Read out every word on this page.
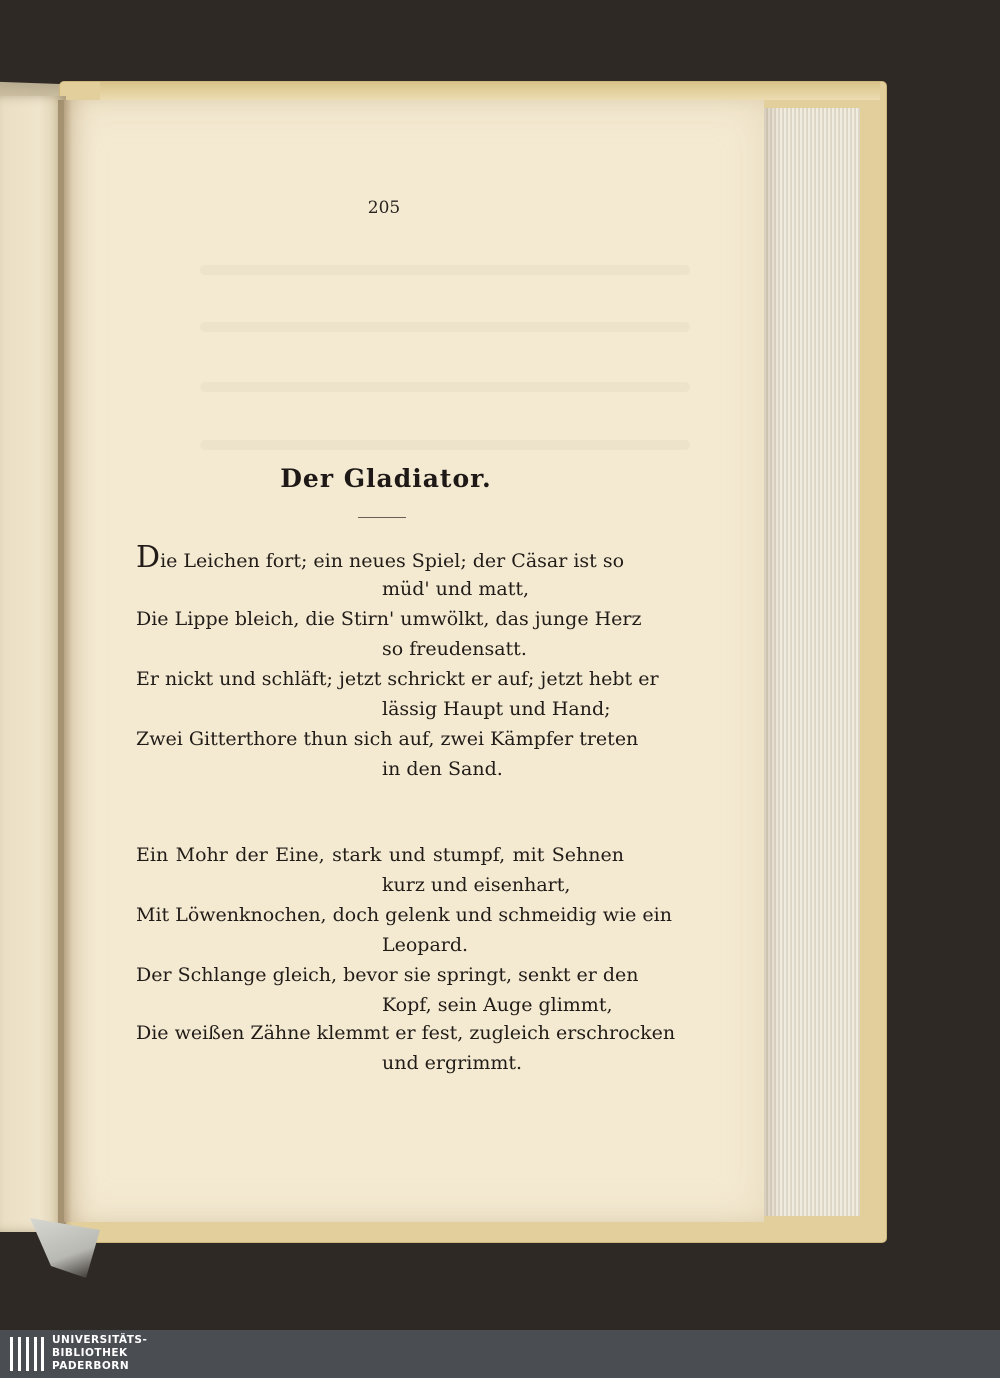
205
Der Gladiator.
Die Leichen fort; ein neues Spiel; der Cäsar ist so
müd' und matt,
Die Lippe bleich, die Stirn' umwölkt, das junge Herz
so freudensatt.
Er nickt und schläft; jetzt schrickt er auf; jetzt hebt er
lässig Haupt und Hand;
Zwei Gitterthore thun sich auf, zwei Kämpfer treten
in den Sand.
Ein Mohr der Eine, stark und stumpf, mit Sehnen
kurz und eisenhart,
Mit Löwenknochen, doch gelenk und schmeidig wie ein
Leopard.
Der Schlange gleich, bevor sie springt, senkt er den
Kopf, sein Auge glimmt,
Die weißen Zähne klemmt er fest, zugleich erschrocken
und ergrimmt.
UNIVERSITÄTS-
BIBLIOTHEK
PADERBORN
